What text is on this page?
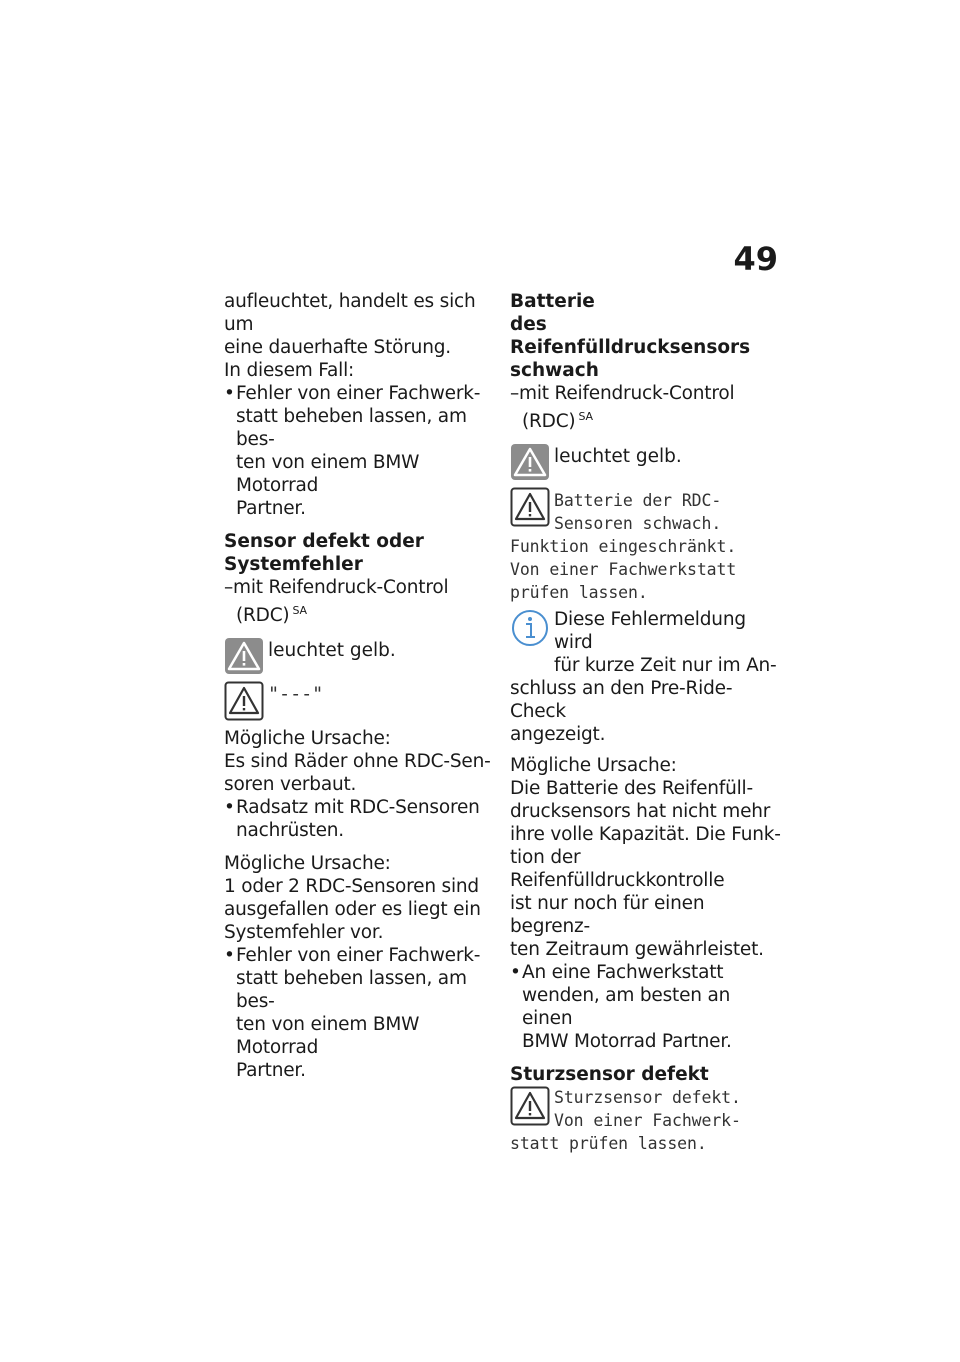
49

aufleuchtet, handelt es sich um

eine dauerhafte Störung.

In diesem Fall:

• Fehler von einer Fachwerk-
statt beheben lassen, am bes-
ten von einem BMW Motorrad
Partner.
Sensor defekt oder
Systemfehler

–mit Reifendruck-Control

(RDC) $^{SA}$

leuchtet gelb.
"---"

Mögliche Ursache:

Es sind Räder ohne RDC-Sen-

soren verbaut.

• Radsatz mit RDC-Sensoren
nachrüsten.

Mögliche Ursache:

1 oder 2 RDC-Sensoren sind

ausgefallen oder es liegt ein

Systemfehler vor.

• Fehler von einer Fachwerk-
statt beheben lassen, am bes-
ten von einem BMW Motorrad
Partner.
Batterie
des Reifenfülldrucksensors
schwach

–mit Reifendruck-Control

(RDC) $^{SA}$

leuchtet gelb.
Batterie der RDC-
Sensoren schwach.
Funktion eingeschränkt.
Von einer Fachwerkstatt
prüfen lassen.

Diese Fehlermeldung wird

für kurze Zeit nur im An-

schluss an den Pre-Ride-Check

angezeigt.

Mögliche Ursache:

Die Batterie des Reifenfüll-

drucksensors hat nicht mehr

ihre volle Kapazität. Die Funk-

tion der Reifenfülldruckkontrolle

ist nur noch für einen begrenz-

ten Zeitraum gewährleistet.

• An eine Fachwerkstatt
wenden, am besten an einen
BMW Motorrad Partner.
Sturzsensor defekt
Sturzsensor defekt.
Von einer Fachwerk-
statt prüfen lassen.
